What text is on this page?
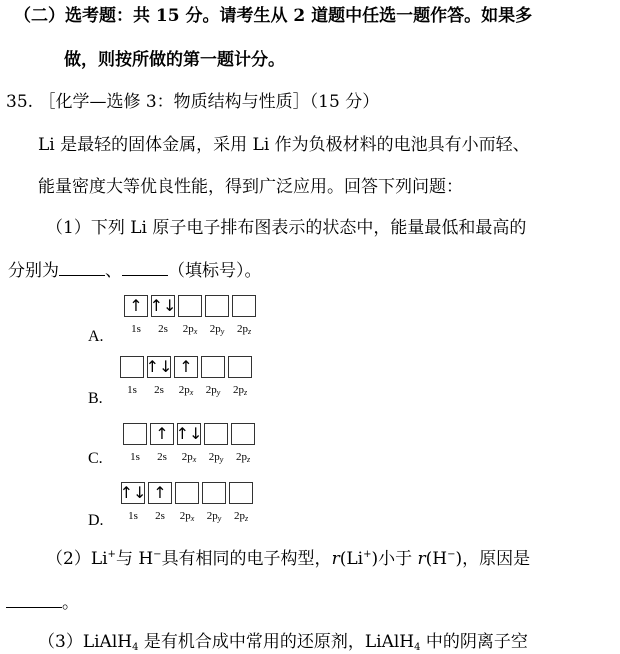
（二）选考题：共 15 分。请考生从 2 道题中任选一题作答。如果多
做，则按所做的第一题计分。
35. ［化学—选修 3：物质结构与性质］（15 分）
Li 是最轻的固体金属，采用 Li 作为负极材料的电池具有小而轻、
能量密度大等优良性能，得到广泛应用。回答下列问题：
（1）下列 Li 原子电子排布图表示的状态中，能量最低和最高的
分别为	、	（填标号）。
A.
↑ ↑↓
1s	2s	2px	2py	2pz
B.
↑↓ ↑
1s	2s	2px	2py	2pz
C.
↑ ↑↓
1s	2s	2px	2py	2pz
D.
↑↓ ↑
1s	2s	2px	2py	2pz
（2）Li+与 H−具有相同的电子构型，r(Li+)小于 r(H−)，原因是
。
（3）LiAlH$_4$ 是有机合成中常用的还原剂，LiAlH$_4$ 中的阴离子空
